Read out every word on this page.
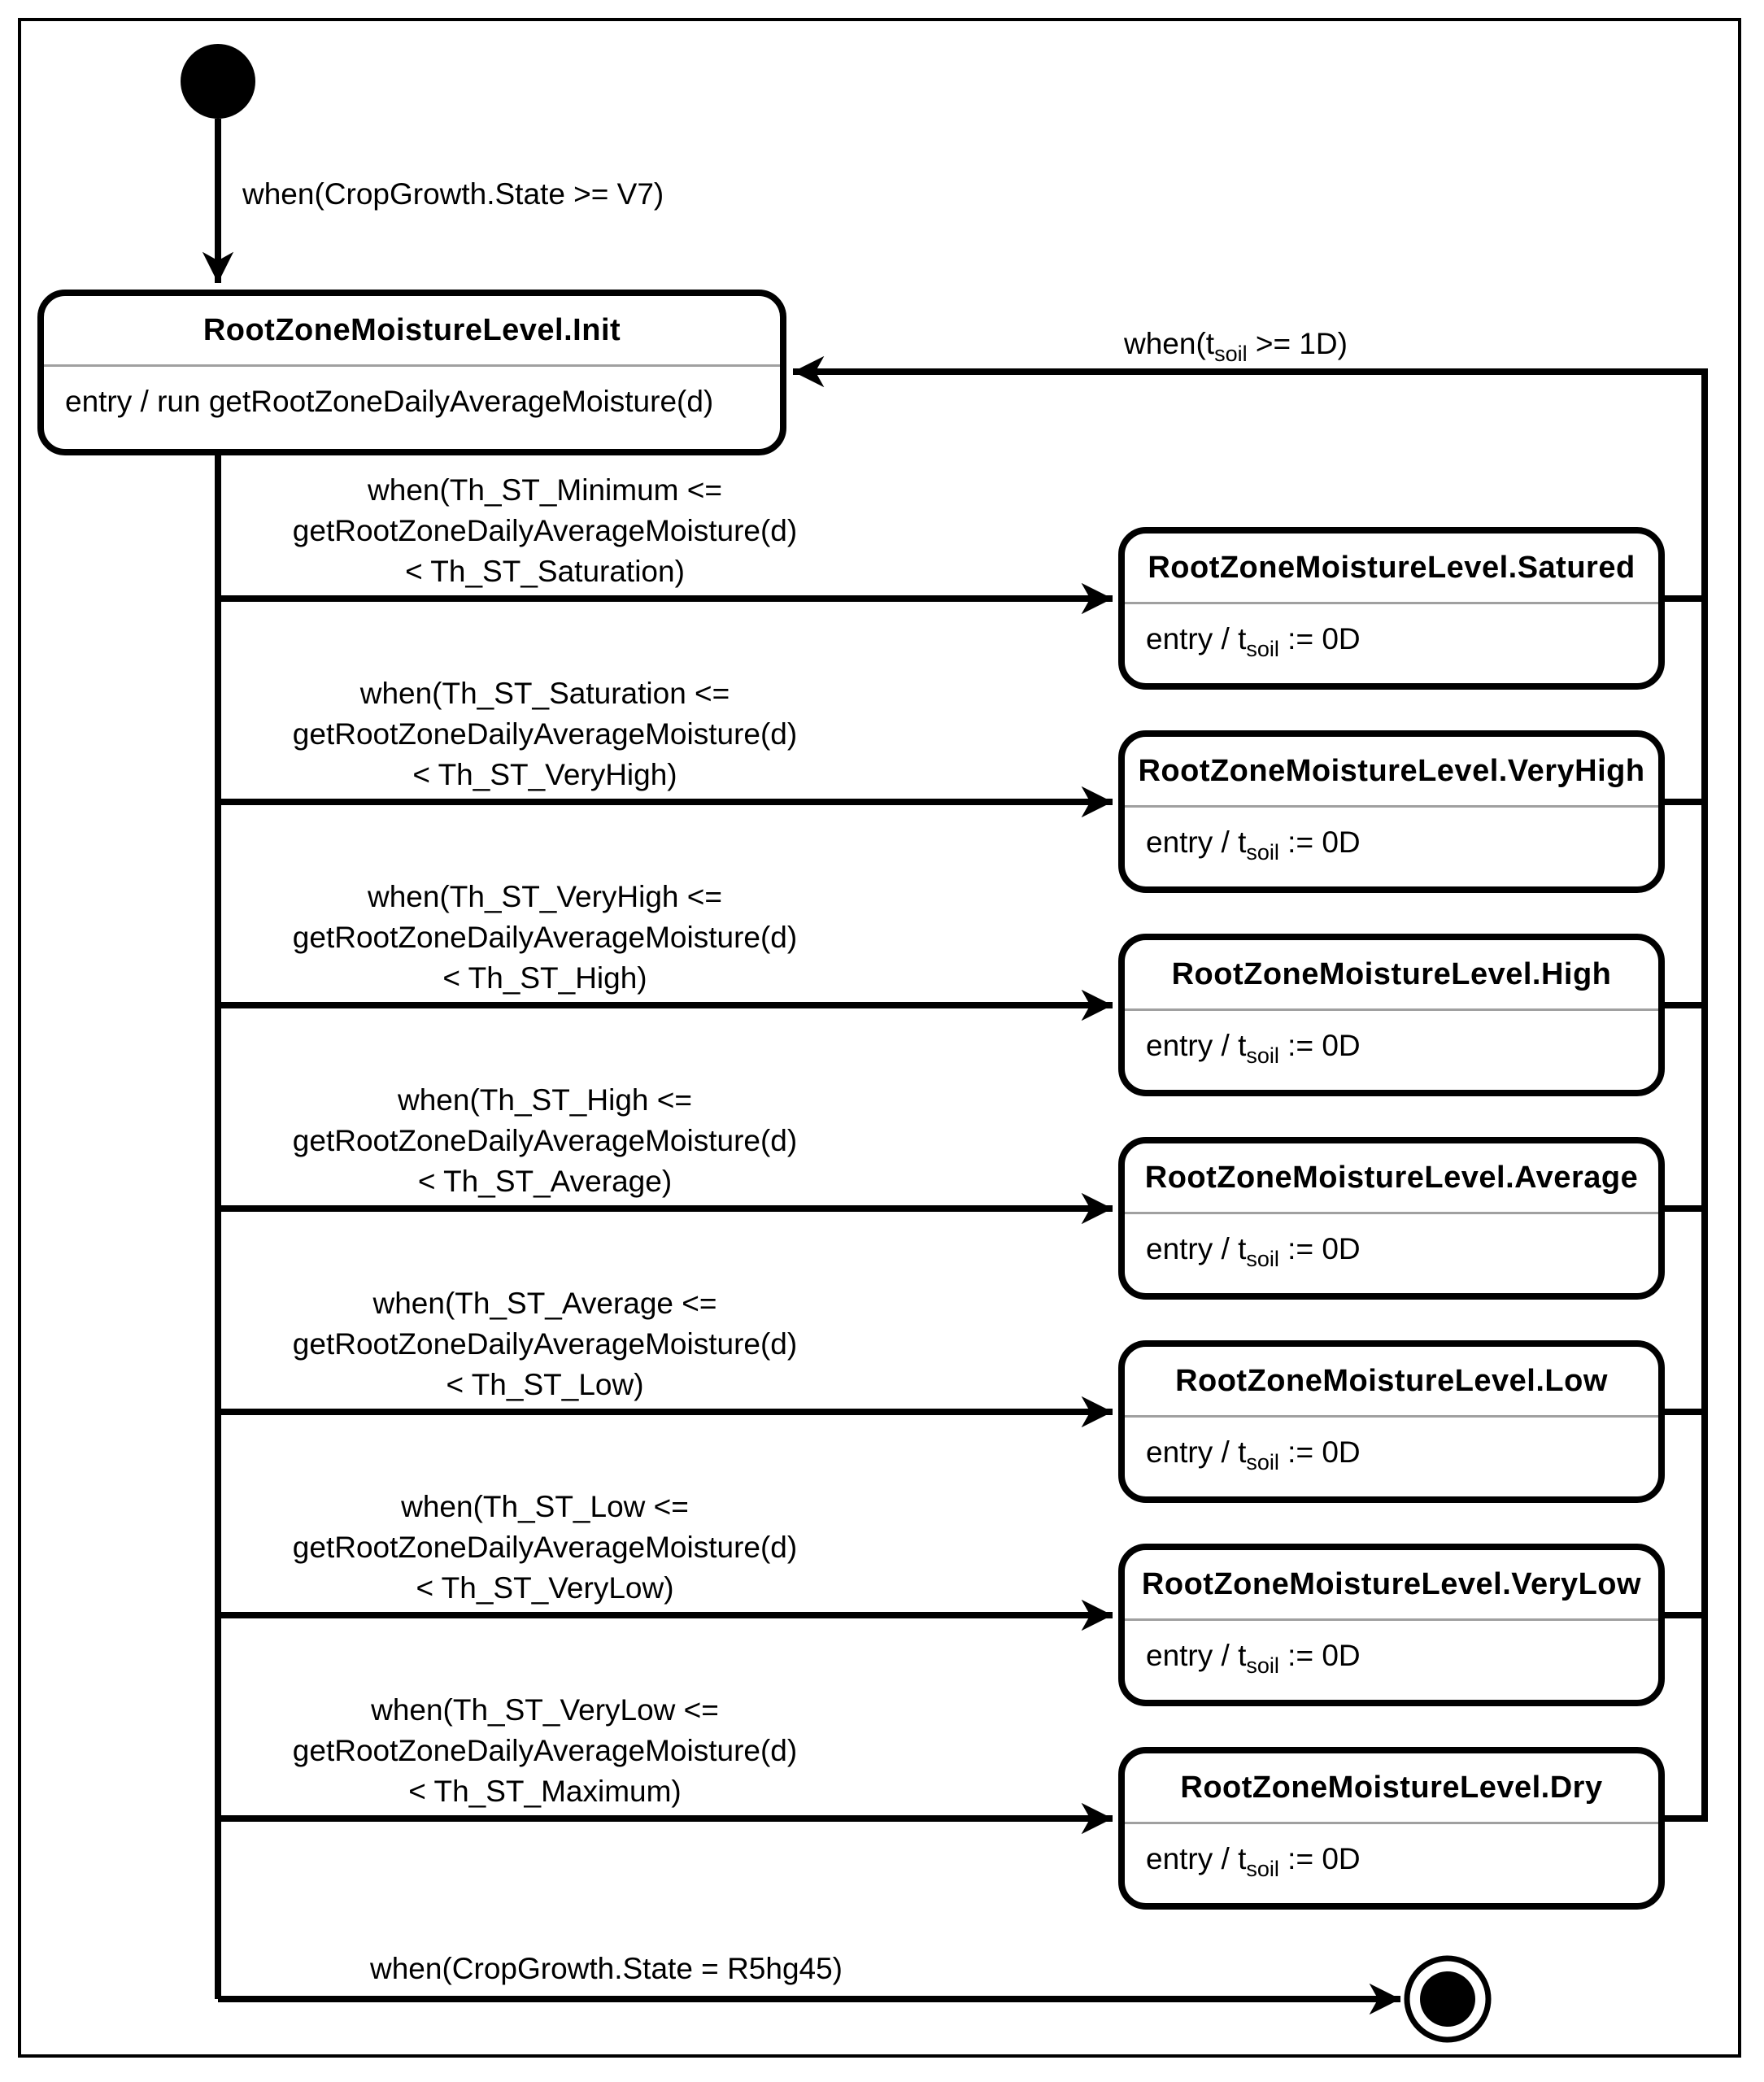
RootZoneMoistureLevel.Init
entry / run getRootZoneDailyAverageMoisture(d)
RootZoneMoistureLevel.Satured
entry / $t_{soil}$ := 0D
RootZoneMoistureLevel.VeryHigh
entry / $t_{soil}$ := 0D
RootZoneMoistureLevel.High
entry / $t_{soil}$ := 0D
RootZoneMoistureLevel.Average
entry / $t_{soil}$ := 0D
RootZoneMoistureLevel.Low
entry / $t_{soil}$ := 0D
RootZoneMoistureLevel.VeryLow
entry / $t_{soil}$ := 0D
RootZoneMoistureLevel.Dry
entry / $t_{soil}$ := 0D
when(CropGrowth.State >= V7)
$when(t_{soil} >= 1D)$
when(Th_ST_Minimum <=
getRootZoneDailyAverageMoisture(d)
< Th_ST_Saturation)
when(Th_ST_Saturation <=
getRootZoneDailyAverageMoisture(d)
< Th_ST_VeryHigh)
when(Th_ST_VeryHigh <=
getRootZoneDailyAverageMoisture(d)
< Th_ST_High)
when(Th_ST_High <=
getRootZoneDailyAverageMoisture(d)
< Th_ST_Average)
when(Th_ST_Average <=
getRootZoneDailyAverageMoisture(d)
< Th_ST_Low)
when(Th_ST_Low <=
getRootZoneDailyAverageMoisture(d)
< Th_ST_VeryLow)
when(Th_ST_VeryLow <=
getRootZoneDailyAverageMoisture(d)
< Th_ST_Maximum)
when(CropGrowth.State = R5hg45)
